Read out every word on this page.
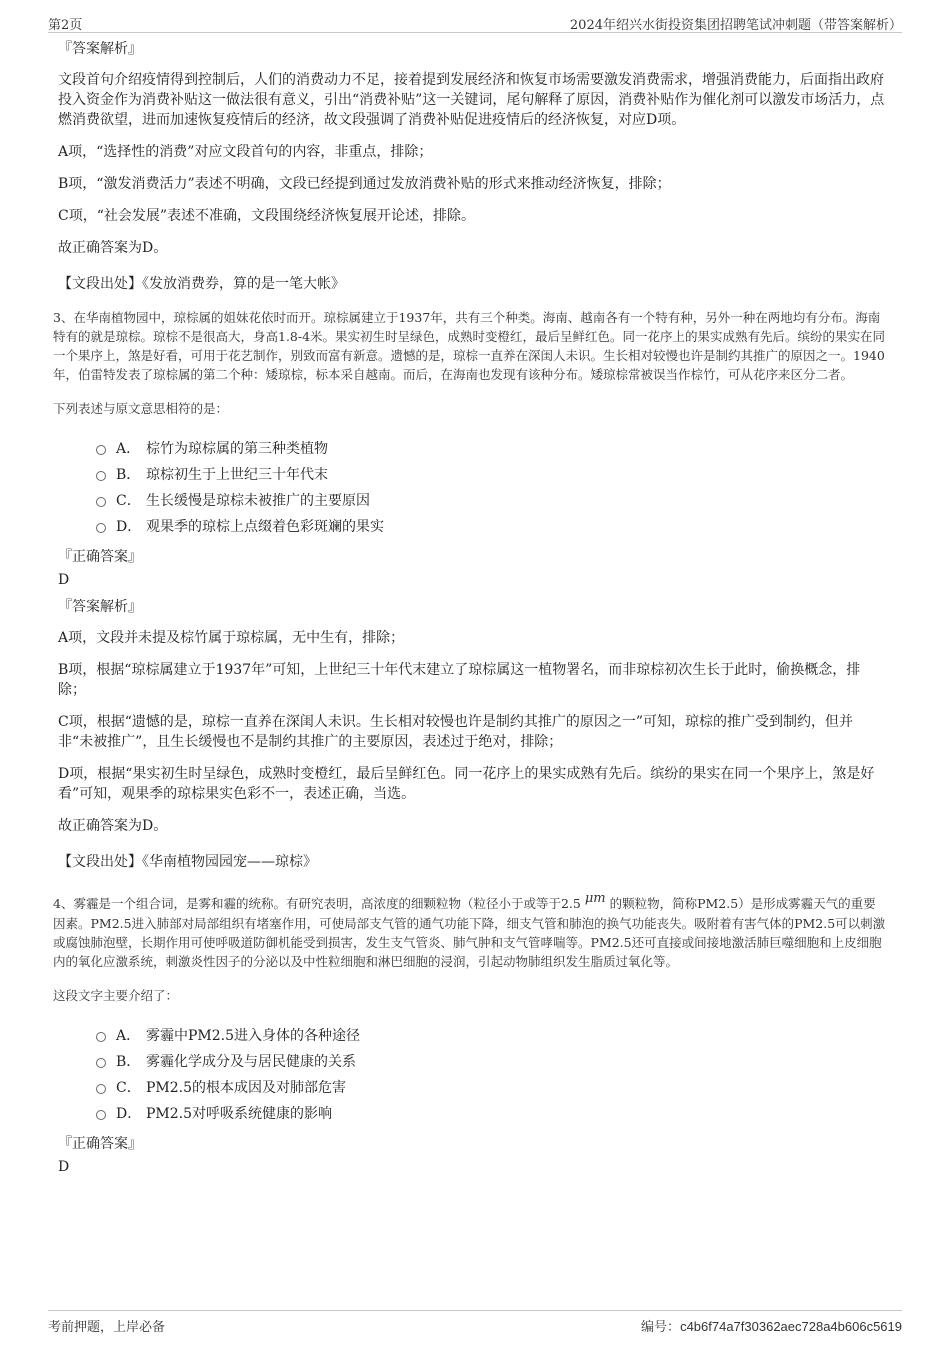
第2页	2024年绍兴水街投资集团招聘笔试冲刺题（带答案解析）
『答案解析』

文段首句介绍疫情得到控制后，人们的消费动力不足，接着提到发展经济和恢复市场需要激发消费需求，增强消费能力，后面指出政府投入资金作为消费补贴这一做法很有意义，引出“消费补贴”这一关键词，尾句解释了原因，消费补贴作为催化剂可以激发市场活力，点燃消费欲望，进而加速恢复疫情后的经济，故文段强调了消费补贴促进疫情后的经济恢复，对应D项。

A项，“选择性的消费”对应文段首句的内容，非重点，排除；

B项，“激发消费活力”表述不明确，文段已经提到通过发放消费补贴的形式来推动经济恢复，排除；

C项，“社会发展”表述不准确，文段围绕经济恢复展开论述，排除。

故正确答案为D。

【文段出处】《发放消费券，算的是一笔大帐》

3、在华南植物园中，琼棕属的姐妹花依时而开。琼棕属建立于1937年，共有三个种类。海南、越南各有一个特有种，另外一种在两地均有分布。海南特有的就是琼棕。琼棕不是很高大，身高1.8-4米。果实初生时呈绿色，成熟时变橙红，最后呈鲜红色。同一花序上的果实成熟有先后。缤纷的果实在同一个果序上，煞是好看，可用于花艺制作，别致而富有新意。遗憾的是，琼棕一直养在深闺人未识。生长相对较慢也许是制约其推广的原因之一。1940年，伯雷特发表了琼棕属的第二个种：矮琼棕，标本采自越南。而后，在海南也发现有该种分布。矮琼棕常被误当作棕竹，可从花序来区分二者。

下列表述与原文意思相符的是：

A． 棕竹为琼棕属的第三种类植物
B． 琼棕初生于上世纪三十年代末
C． 生长缓慢是琼棕未被推广的主要原因
D． 观果季的琼棕上点缀着色彩斑斓的果实
『正确答案』
D
『答案解析』

A项，文段并未提及棕竹属于琼棕属，无中生有，排除；

B项，根据“琼棕属建立于1937年”可知，上世纪三十年代末建立了琼棕属这一植物署名，而非琼棕初次生长于此时，偷换概念，排除；

C项，根据“遗憾的是，琼棕一直养在深闺人未识。生长相对较慢也许是制约其推广的原因之一”可知，琼棕的推广受到制约，但并非“未被推广”，且生长缓慢也不是制约其推广的主要原因，表述过于绝对，排除；

D项，根据“果实初生时呈绿色，成熟时变橙红，最后呈鲜红色。同一花序上的果实成熟有先后。缤纷的果实在同一个果序上，煞是好看”可知，观果季的琼棕果实色彩不一，表述正确，当选。

故正确答案为D。

【文段出处】《华南植物园园宠——琼棕》

4、雾霾是一个组合词，是雾和霾的统称。有研究表明，高浓度的细颗粒物（粒径小于或等于2.5 μm 的颗粒物，简称PM2.5）是形成雾霾天气的重要因素。PM2.5进入肺部对局部组织有堵塞作用，可使局部支气管的通气功能下降，细支气管和肺泡的换气功能丧失。吸附着有害气体的PM2.5可以刺激或腐蚀肺泡壁，长期作用可使呼吸道防御机能受到损害，发生支气管炎、肺气肿和支气管哮喘等。PM2.5还可直接或间接地激活肺巨噬细胞和上皮细胞内的氧化应激系统，刺激炎性因子的分泌以及中性粒细胞和淋巴细胞的浸润，引起动物肺组织发生脂质过氧化等。

这段文字主要介绍了：

A． 雾霾中PM2.5进入身体的各种途径
B． 雾霾化学成分及与居民健康的关系
C． PM2.5的根本成因及对肺部危害
D． PM2.5对呼吸系统健康的影响
『正确答案』
D
考前押题，上岸必备	编号：c4b6f74a7f30362aec728a4b606c5619
